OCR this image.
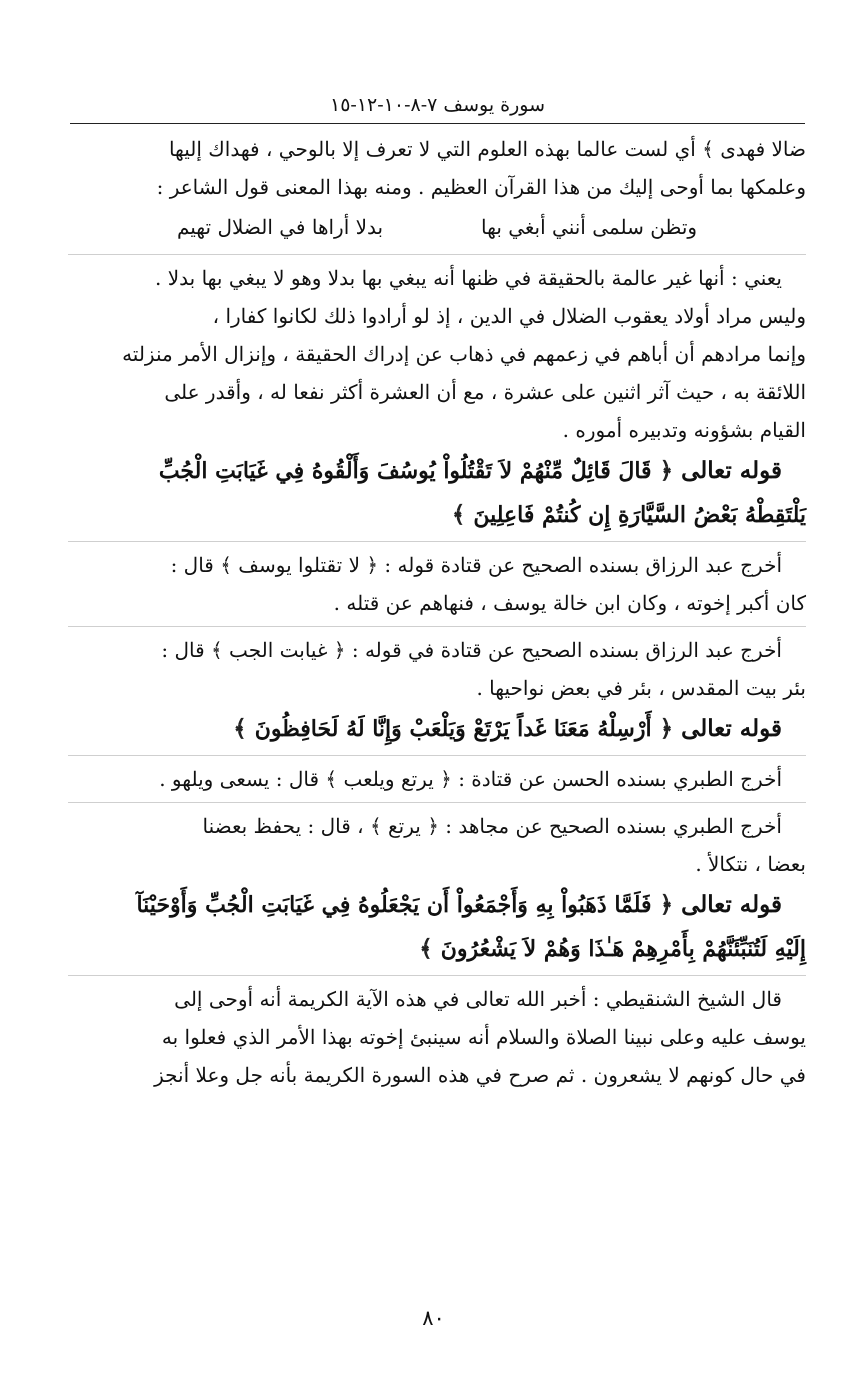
سورة يوسف ٧-٨-١٠-١٢-١٥

ضالا فهدى ﴾ أي لست عالما بهذه العلوم التي لا تعرف إلا بالوحي ، فهداك إليها

وعلمكها بما أوحى إليك من هذا القرآن العظيم . ومنه بهذا المعنى قول الشاعر :

وتظن سلمى أنني أبغي بها
بدلا أراها في الضلال تهيم

يعني : أنها غير عالمة بالحقيقة في ظنها أنه يبغي بها بدلا وهو لا يبغي بها بدلا .

وليس مراد أولاد يعقوب الضلال في الدين ، إذ لو أرادوا ذلك لكانوا كفارا ،

وإنما مرادهم أن أباهم في زعمهم في ذهاب عن إدراك الحقيقة ، وإنزال الأمر منزلته

اللائقة به ، حيث آثر اثنين على عشرة ، مع أن العشرة أكثر نفعا له ، وأقدر على

القيام بشؤونه وتدبيره أموره .

قوله تعالى ﴿ قَالَ قَائِلٌ مِّنْهُمْ لاَ تَقْتُلُواْ يُوسُفَ وَأَلْقُوهُ فِي غَيَابَتِ الْجُبِّ

يَلْتَقِطْهُ بَعْضُ السَّيَّارَةِ إِن كُنتُمْ فَاعِلِينَ ﴾

أخرج عبد الرزاق بسنده الصحيح عن قتادة قوله : ﴿ لا تقتلوا يوسف ﴾ قال :

كان أكبر إخوته ، وكان ابن خالة يوسف ، فنهاهم عن قتله .

أخرج عبد الرزاق بسنده الصحيح عن قتادة في قوله : ﴿ غيابت الجب ﴾ قال :

بئر بيت المقدس ، بئر في بعض نواحيها .

قوله تعالى ﴿ أَرْسِلْهُ مَعَنَا غَداً يَرْتَعْ وَيَلْعَبْ وَإِنَّا لَهُ لَحَافِظُونَ ﴾

أخرج الطبري بسنده الحسن عن قتادة : ﴿ يرتع ويلعب ﴾ قال : يسعى ويلهو .

أخرج الطبري بسنده الصحيح عن مجاهد : ﴿ يرتع ﴾ ، قال : يحفظ بعضنا

بعضا ، نتكالأ .

قوله تعالى ﴿ فَلَمَّا ذَهَبُواْ بِهِ وَأَجْمَعُواْ أَن يَجْعَلُوهُ فِي غَيَابَتِ الْجُبِّ وَأَوْحَيْنَآ

إِلَيْهِ لَتُنَبِّئَنَّهُمْ بِأَمْرِهِمْ هَـٰذَا وَهُمْ لاَ يَشْعُرُونَ ﴾

قال الشيخ الشنقيطي : أخبر الله تعالى في هذه الآية الكريمة أنه أوحى إلى

يوسف عليه وعلى نبينا الصلاة والسلام أنه سينبئ إخوته بهذا الأمر الذي فعلوا به

في حال كونهم لا يشعرون . ثم صرح في هذه السورة الكريمة بأنه جل وعلا أنجز

٨٠
